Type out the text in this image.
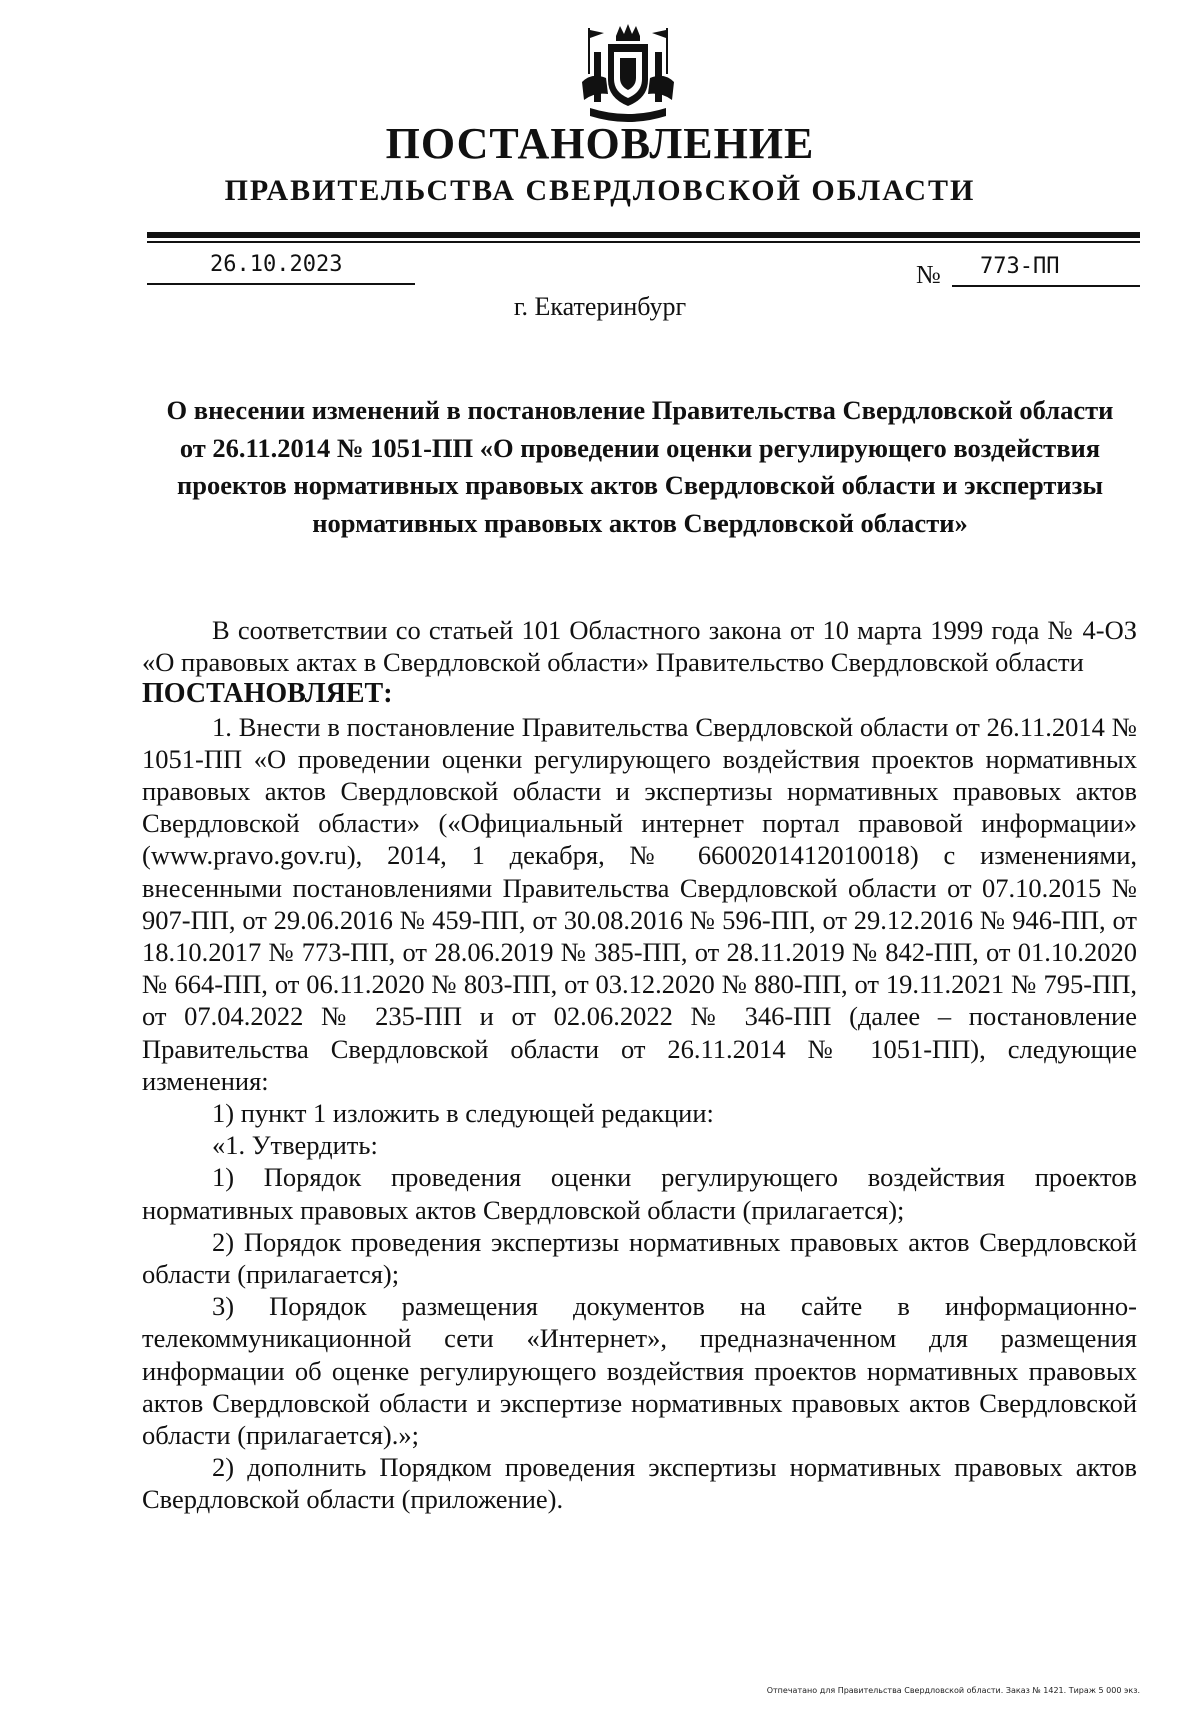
ПОСТАНОВЛЕНИЕ
ПРАВИТЕЛЬСТВА СВЕРДЛОВСКОЙ ОБЛАСТИ
26.10.2023	№ 773-ПП
г. Екатеринбург
О внесении изменений в постановление Правительства Свердловской области от 26.11.2014 № 1051-ПП «О проведении оценки регулирующего воздействия проектов нормативных правовых актов Свердловской области и экспертизы нормативных правовых актов Свердловской области»

В соответствии со статьей 101 Областного закона от 10 марта 1999 года № 4-ОЗ «О правовых актах в Свердловской области» Правительство Свердловской области

ПОСТАНОВЛЯЕТ:

1. Внести в постановление Правительства Свердловской области от 26.11.2014 № 1051-ПП «О проведении оценки регулирующего воздействия проектов нормативных правовых актов Свердловской области и экспертизы нормативных правовых актов Свердловской области» («Официальный интернет портал правовой информации» (www.pravo.gov.ru), 2014, 1 декабря, № 6600201412010018) с изменениями, внесенными постановлениями Правительства Свердловской области от 07.10.2015 № 907-ПП, от 29.06.2016 № 459-ПП, от 30.08.2016 № 596-ПП, от 29.12.2016 № 946-ПП, от 18.10.2017 № 773-ПП, от 28.06.2019 № 385-ПП, от 28.11.2019 № 842-ПП, от 01.10.2020 № 664-ПП, от 06.11.2020 № 803-ПП, от 03.12.2020 № 880-ПП, от 19.11.2021 № 795-ПП, от 07.04.2022 № 235-ПП и от 02.06.2022 № 346-ПП (далее – постановление Правительства Свердловской области от 26.11.2014 № 1051-ПП), следующие изменения:

1) пункт 1 изложить в следующей редакции:

«1. Утвердить:

1) Порядок проведения оценки регулирующего воздействия проектов нормативных правовых актов Свердловской области (прилагается);

2) Порядок проведения экспертизы нормативных правовых актов Свердловской области (прилагается);

3) Порядок размещения документов на сайте в информационно-телекоммуникационной сети «Интернет», предназначенном для размещения информации об оценке регулирующего воздействия проектов нормативных правовых актов Свердловской области и экспертизе нормативных правовых актов Свердловской области (прилагается).»;

2) дополнить Порядком проведения экспертизы нормативных правовых актов Свердловской области (приложение).

Отпечатано для Правительства Свердловской области. Заказ № 1421. Тираж 5 000 экз.
